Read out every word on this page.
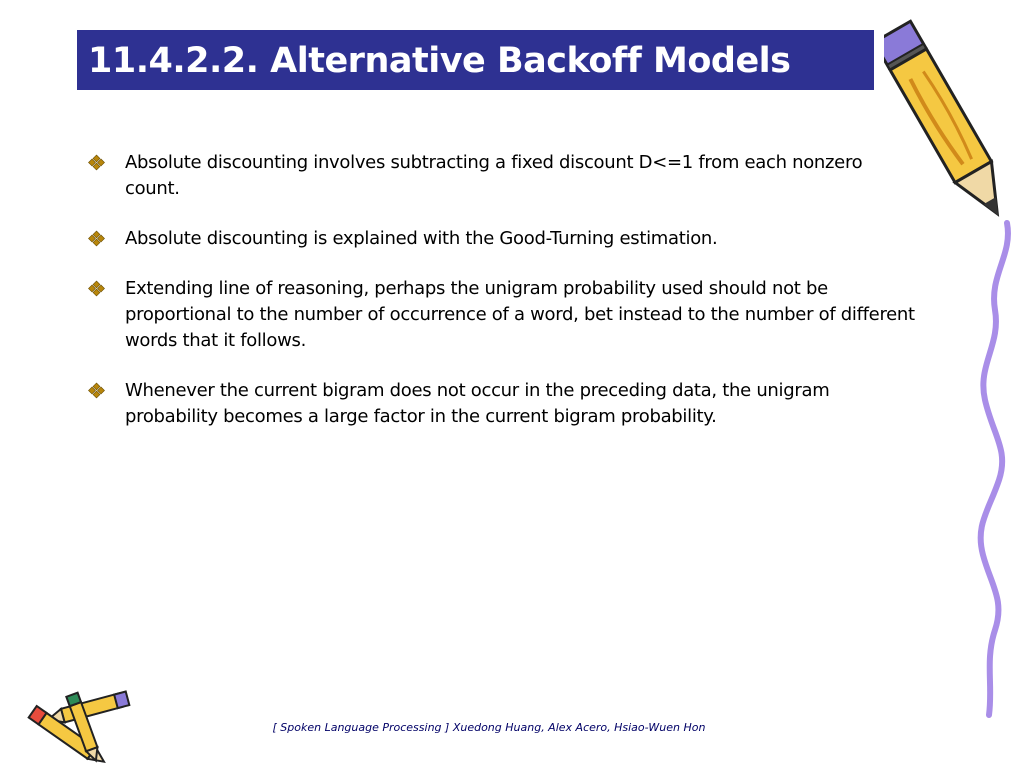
11.4.2.2. Alternative Backoff Models
Absolute discounting involves subtracting a fixed discount D<=1 from each nonzero count.
Absolute discounting is explained with the Good-Turning estimation.
Extending line of reasoning, perhaps the unigram probability used should not be proportional to the number of occurrence of a word, bet instead to the number of different words that it follows.
Whenever the current bigram does not occur in the preceding data, the unigram probability becomes a large factor in the current bigram probability.
[ Spoken Language Processing ] Xuedong Huang, Alex Acero, Hsiao-Wuen Hon
